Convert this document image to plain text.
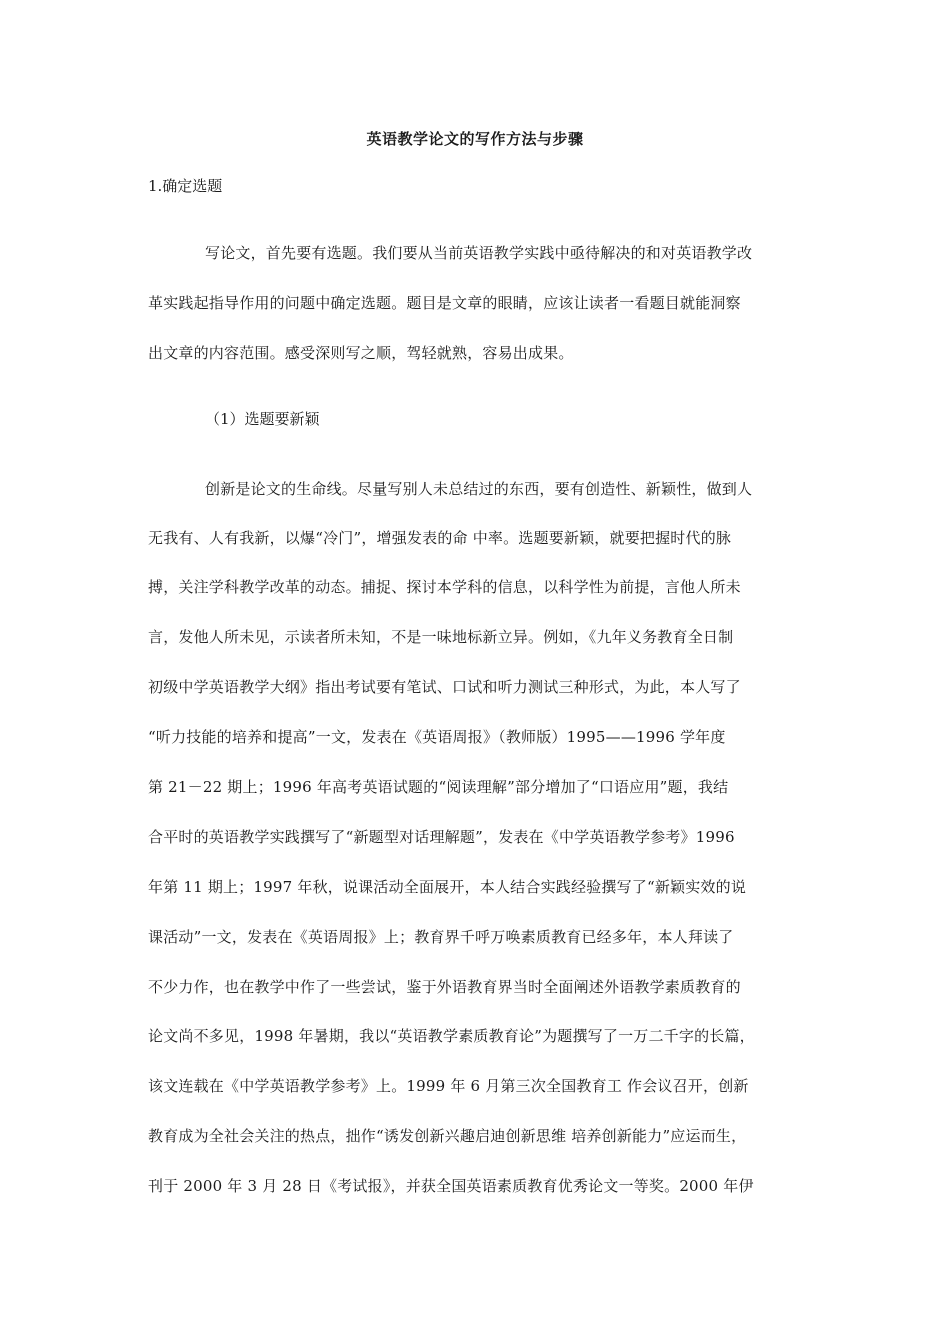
英语教学论文的写作方法与步骤
1.确定选题
写论文，首先要有选题。我们要从当前英语教学实践中亟待解决的和对英语教学改
革实践起指导作用的问题中确定选题。题目是文章的眼睛，应该让读者一看题目就能洞察
出文章的内容范围。感受深则写之顺，驾轻就熟，容易出成果。
（1）选题要新颖
创新是论文的生命线。尽量写别人未总结过的东西，要有创造性、新颖性，做到人
无我有、人有我新，以爆“冷门”，增强发表的命 中率。选题要新颖，就要把握时代的脉
搏，关注学科教学改革的动态。捕捉、探讨本学科的信息，以科学性为前提，言他人所未
言，发他人所未见，示读者所未知，不是一味地标新立异。例如，《九年义务教育全日制
初级中学英语教学大纲》指出考试要有笔试、口试和听力测试三种形式，为此，本人写了
“听力技能的培养和提高”一文，发表在《英语周报》（教师版）1995——1996 学年度
第 21－22 期上；1996 年高考英语试题的“阅读理解”部分增加了“口语应用”题，我结
合平时的英语教学实践撰写了“新题型对话理解题”，发表在《中学英语教学参考》1996
年第 11 期上；1997 年秋，说课活动全面展开，本人结合实践经验撰写了“新颖实效的说
课活动”一文，发表在《英语周报》上；教育界千呼万唤素质教育已经多年，本人拜读了
不少力作，也在教学中作了一些尝试，鉴于外语教育界当时全面阐述外语教学素质教育的
论文尚不多见，1998 年暑期，我以“英语教学素质教育论”为题撰写了一万二千字的长篇，
该文连载在《中学英语教学参考》上。1999 年 6 月第三次全国教育工 作会议召开，创新
教育成为全社会关注的热点，拙作“诱发创新兴趣启迪创新思维 培养创新能力”应运而生，
刊于 2000 年 3 月 28 日《考试报》，并获全国英语素质教育优秀论文一等奖。2000 年伊
